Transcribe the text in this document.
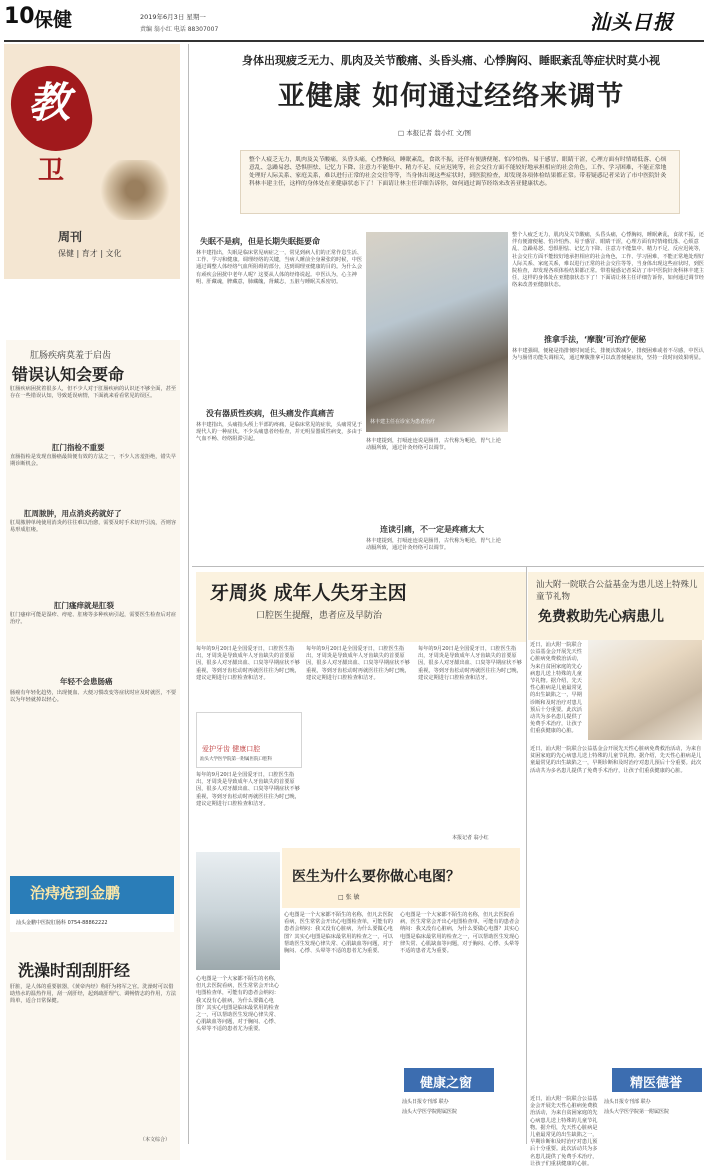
10 保健	2019年6月3日 星期一
责编 翁小红 电话 88307007	汕头日报
教
卫
周刊
保健 | 育才 | 文化
身体出现疲乏无力、肌肉及关节酸痛、头昏头痛、心悸胸闷、睡眠紊乱等症状时莫小视
亚健康 如何通过经络来调节
□ 本报记者 翁小红 文/图
整个人疲乏无力，肌肉及关节酸痛，头昏头痛，心悸胸闷，睡眠紊乱，食欲不振，还伴有便溏便秘、怕冷怕热、易于感冒、眼睛干涩，心理方面有时情绪低落、心烦意乱、急躁易怒、恐惧胆怯、记忆力下降、注意力不能集中、精力不足、反应迟钝等，社会交往方面不能较好地承担相应的社会角色，工作、学习困难，不能正常地处理好人际关系、家庭关系，难以进行正常的社会交往等等，当身体出现这些症状时，到医院检查，却发现各项体检结果都正常。带着疑惑记者采访了市中医院针灸科林丰建主任，这样的身体处在亚健康状态下了！下面请让林主任详细告诉你，如何通过调节经络来改善亚健康状态。
失眠不是病，但是长期失眠挺要命
林丰建指出，失眠是临床常见病症之一，常见到病人们的正常作息生活、工作、学习和健康。调理经络的关键，当病人睡前全身紧张的时候，中医通过调整人体经络气血所阻碍的部分，达到调理亚健康的目的。为什么会有顽疾会困扰中老年人呢？这要从人体的经络说起。中医认为，心主神明、肝藏魂，脾藏意，肺藏魄，肾藏志，五脏与睡眠关系密切。
没有器质性疾病，但头痛发作真痛苦
林丰建指出，头痛指头颅上半部的疼痛，是临床常见的症状，头痛常见于现代人的一种症状。不少头痛患者经检查，并无明显器质性病变，多由于气血不畅、经络阻滞引起。
林丰建主任在诊室为患者治疗
林丰建提到，打嗝连连说是肠胃，古代称为呃逆，胃气上逆动膈所致，通过针灸经络可以调节。
连读引痛，不一定是疼痛太大
林丰建提到，打嗝连连说是肠胃，古代称为呃逆，胃气上逆动膈所致，通过针灸经络可以调节。
整个人疲乏无力，肌肉及关节酸痛，头昏头痛，心悸胸闷，睡眠紊乱，食欲不振，还伴有便溏便秘、怕冷怕热、易于感冒、眼睛干涩，心理方面有时情绪低落、心烦意乱、急躁易怒、恐惧胆怯、记忆力下降、注意力不能集中、精力不足、反应迟钝等，社会交往方面不能较好地承担相应的社会角色，工作、学习困难，不能正常地处理好人际关系、家庭关系，难以进行正常的社会交往等等，当身体出现这些症状时，到医院检查，却发现各项体检结果都正常。带着疑惑记者采访了市中医院针灸科林丰建主任，这样的身体处在亚健康状态下了！下面请让林主任详细告诉你，如何通过调节经络来改善亚健康状态。
推拿手法，‘摩腹’可治疗便秘
林丰建强调，便秘是指排便时间延长，排便次数减少，排便困难或者不尽感，中医认为与肠胃功能失调相关，通过摩腹推拿可以改善便秘症状，坚持一段时间效果明显。
肛肠疾病莫羞于启齿
错误认知会要命
肛肠疾病困扰着很多人，但不少人对于肛肠疾病的认识还不够全面，甚至存在一些错误认知，导致延误病情，下面就来看看常见的误区。
肛门指检不重要
直肠指检是发现直肠癌最简便有效的方法之一，不少人害羞拒绝，错失早期诊断机会。
肛周脓肿，用点消炎药就好了
肛周脓肿单纯使用消炎药往往难以治愈，需要及时手术切开引流，否则容易形成肛瘘。
肛门瘙痒就是肛裂
肛门瘙痒可能是湿疹、痔疮、肛瘘等多种疾病引起，需要医生检查后对症治疗。
年轻不会患肠癌
肠癌有年轻化趋势，出现便血、大便习惯改变等症状时应及时就医，不要以为年轻就掉以轻心。
治痔疮到金鹏
汕头金鹏中医院肛肠科 0754-88862222
洗澡时刮刮肝经
肝脏，是人体的重要脏器，《黄帝内经》称肝为将军之官。洗澡时可以借助热水的温热作用，刮一刮肝经，起到疏肝理气、调畅情志的作用，方法简单，适合日常保健。
（本文综合）
牙周炎 成年人失牙主因
口腔医生提醒，患者应及早防治
每年的9月20日是全国爱牙日，口腔医生指出，牙周炎是导致成年人牙齿缺失的首要原因，很多人对牙龈出血、口臭等早期症状不够重视，等到牙齿松动时再就医往往为时已晚，建议定期进行口腔检查和洁牙。
爱护牙齿 健康口腔
汕头大学医学院第一附属医院口腔科
每年的9月20日是全国爱牙日，口腔医生指出，牙周炎是导致成年人牙齿缺失的首要原因，很多人对牙龈出血、口臭等早期症状不够重视，等到牙齿松动时再就医往往为时已晚，建议定期进行口腔检查和洁牙。
每年的9月20日是全国爱牙日，口腔医生指出，牙周炎是导致成年人牙齿缺失的首要原因，很多人对牙龈出血、口臭等早期症状不够重视，等到牙齿松动时再就医往往为时已晚，建议定期进行口腔检查和洁牙。
每年的9月20日是全国爱牙日，口腔医生指出，牙周炎是导致成年人牙齿缺失的首要原因，很多人对牙龈出血、口臭等早期症状不够重视，等到牙齿松动时再就医往往为时已晚，建议定期进行口腔检查和洁牙。
本报记者 翁小红
医生为什么要你做心电图？
□ 张 敏
心电图是一个大家都不陌生的名称，但凡去医院看病，医生常常会开出心电图检查单，可能有的患者会纳闷：我又没有心脏病，为什么要做心电图？其实心电图是临床最常用的检查之一，可以帮助医生发现心律失常、心肌缺血等问题，对于胸闷、心悸、头晕等不适的患者尤为重要。
心电图是一个大家都不陌生的名称，但凡去医院看病，医生常常会开出心电图检查单，可能有的患者会纳闷：我又没有心脏病，为什么要做心电图？其实心电图是临床最常用的检查之一，可以帮助医生发现心律失常、心肌缺血等问题，对于胸闷、心悸、头晕等不适的患者尤为重要。
心电图是一个大家都不陌生的名称，但凡去医院看病，医生常常会开出心电图检查单，可能有的患者会纳闷：我又没有心脏病，为什么要做心电图？其实心电图是临床最常用的检查之一，可以帮助医生发现心律失常、心肌缺血等问题，对于胸闷、心悸、头晕等不适的患者尤为重要。
健康之窗
汕头日报专刊部 联办
汕头大学医学院附属医院
汕大附一院联合公益基金为患儿送上特殊儿童节礼物
免费救助先心病患儿
近日，汕大附一院联合公益基金会开展先天性心脏病免费救治活动，为来自贫困家庭的先心病患儿送上特殊的儿童节礼物。据介绍，先天性心脏病是儿童最常见的出生缺陷之一，早期诊断和及时治疗对患儿预后十分重要。此次活动共为多名患儿提供了免费手术治疗，让孩子们重获健康的心脏。
近日，汕大附一院联合公益基金会开展先天性心脏病免费救治活动，为来自贫困家庭的先心病患儿送上特殊的儿童节礼物。据介绍，先天性心脏病是儿童最常见的出生缺陷之一，早期诊断和及时治疗对患儿预后十分重要。此次活动共为多名患儿提供了免费手术治疗，让孩子们重获健康的心脏。
精医德誉
汕头日报专刊部 联办
汕头大学医学院第一附属医院
近日，汕大附一院联合公益基金会开展先天性心脏病免费救治活动，为来自贫困家庭的先心病患儿送上特殊的儿童节礼物。据介绍，先天性心脏病是儿童最常见的出生缺陷之一，早期诊断和及时治疗对患儿预后十分重要。此次活动共为多名患儿提供了免费手术治疗，让孩子们重获健康的心脏。
